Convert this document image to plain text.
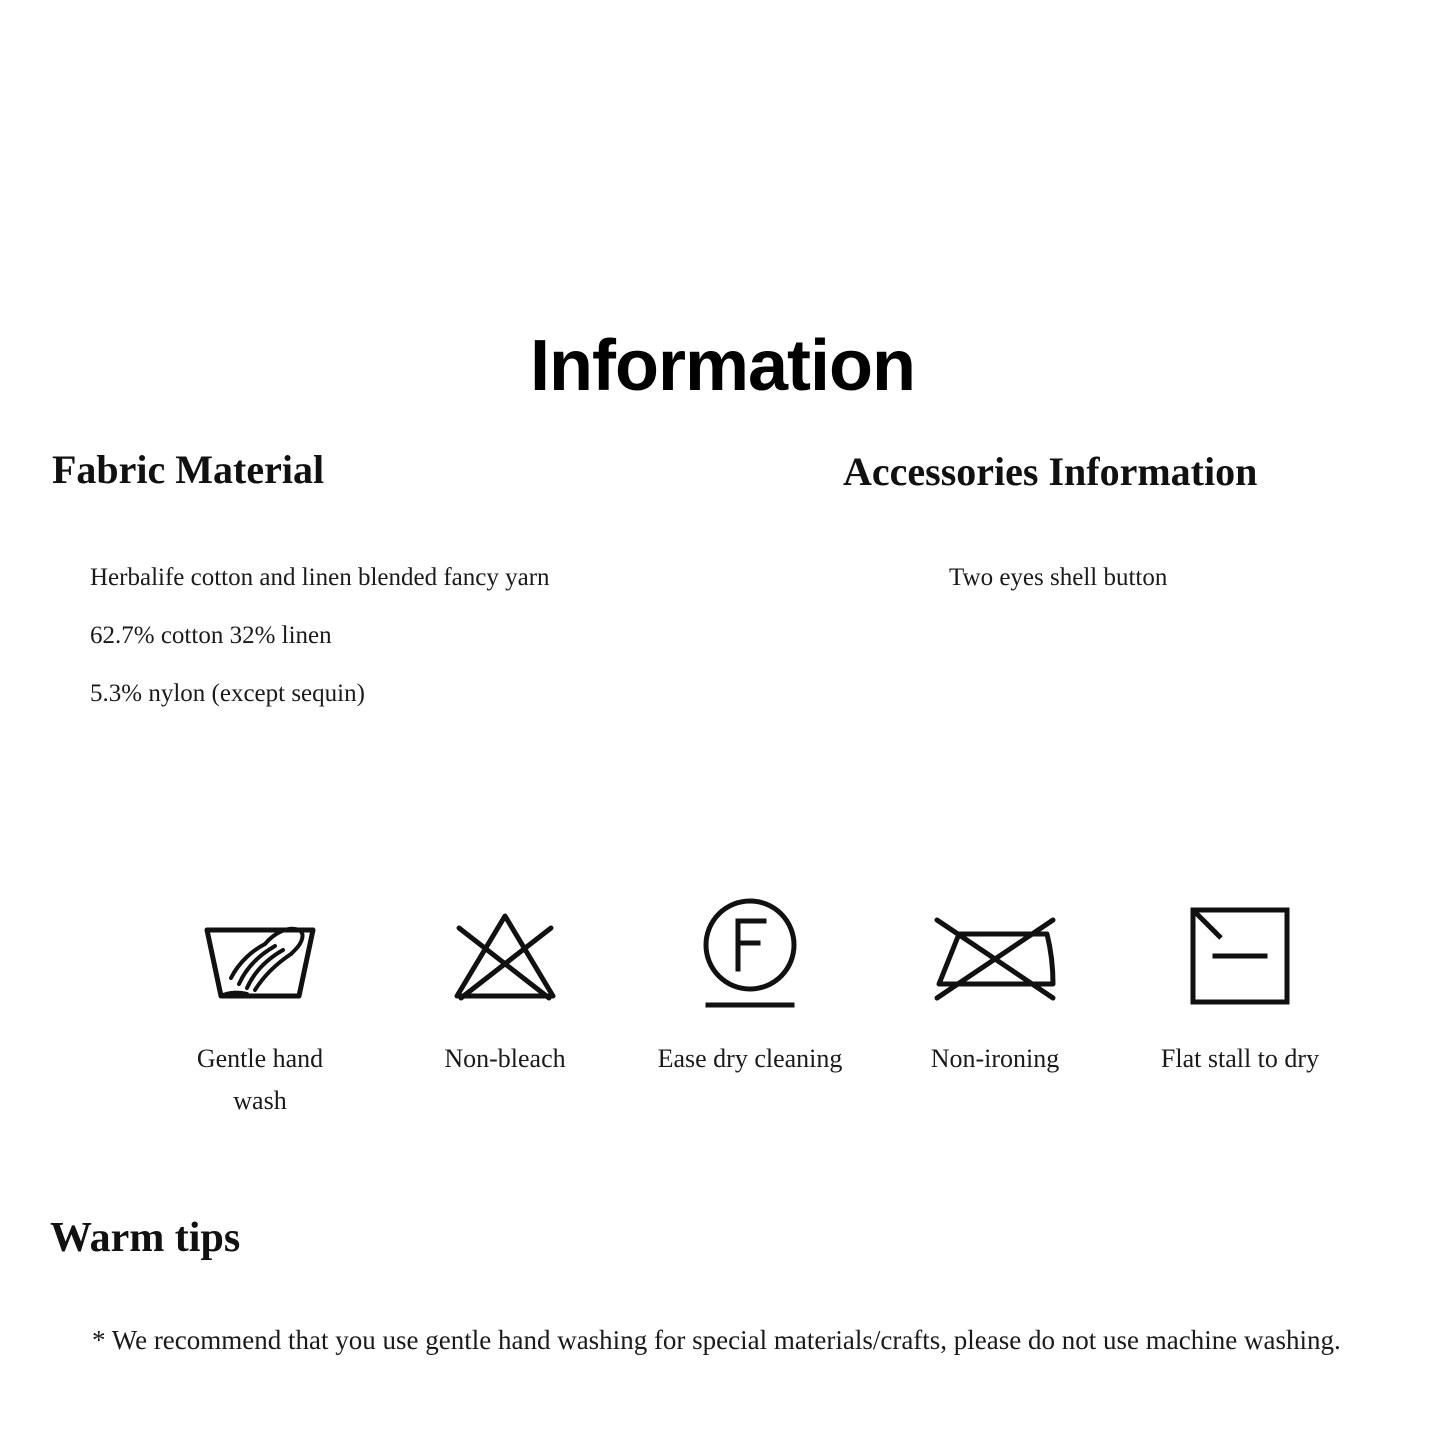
Information
Fabric Material

Herbalife cotton and linen blended fancy yarn

62.7% cotton 32% linen

5.3% nylon (except sequin)

Accessories Information

Two eyes shell button

Gentle hand wash
Non-bleach	Ease dry cleaning	Non-ironing	Flat stall to dry
Warm tips
* We recommend that you use gentle hand washing for special materials/crafts, please do not use machine washing.
